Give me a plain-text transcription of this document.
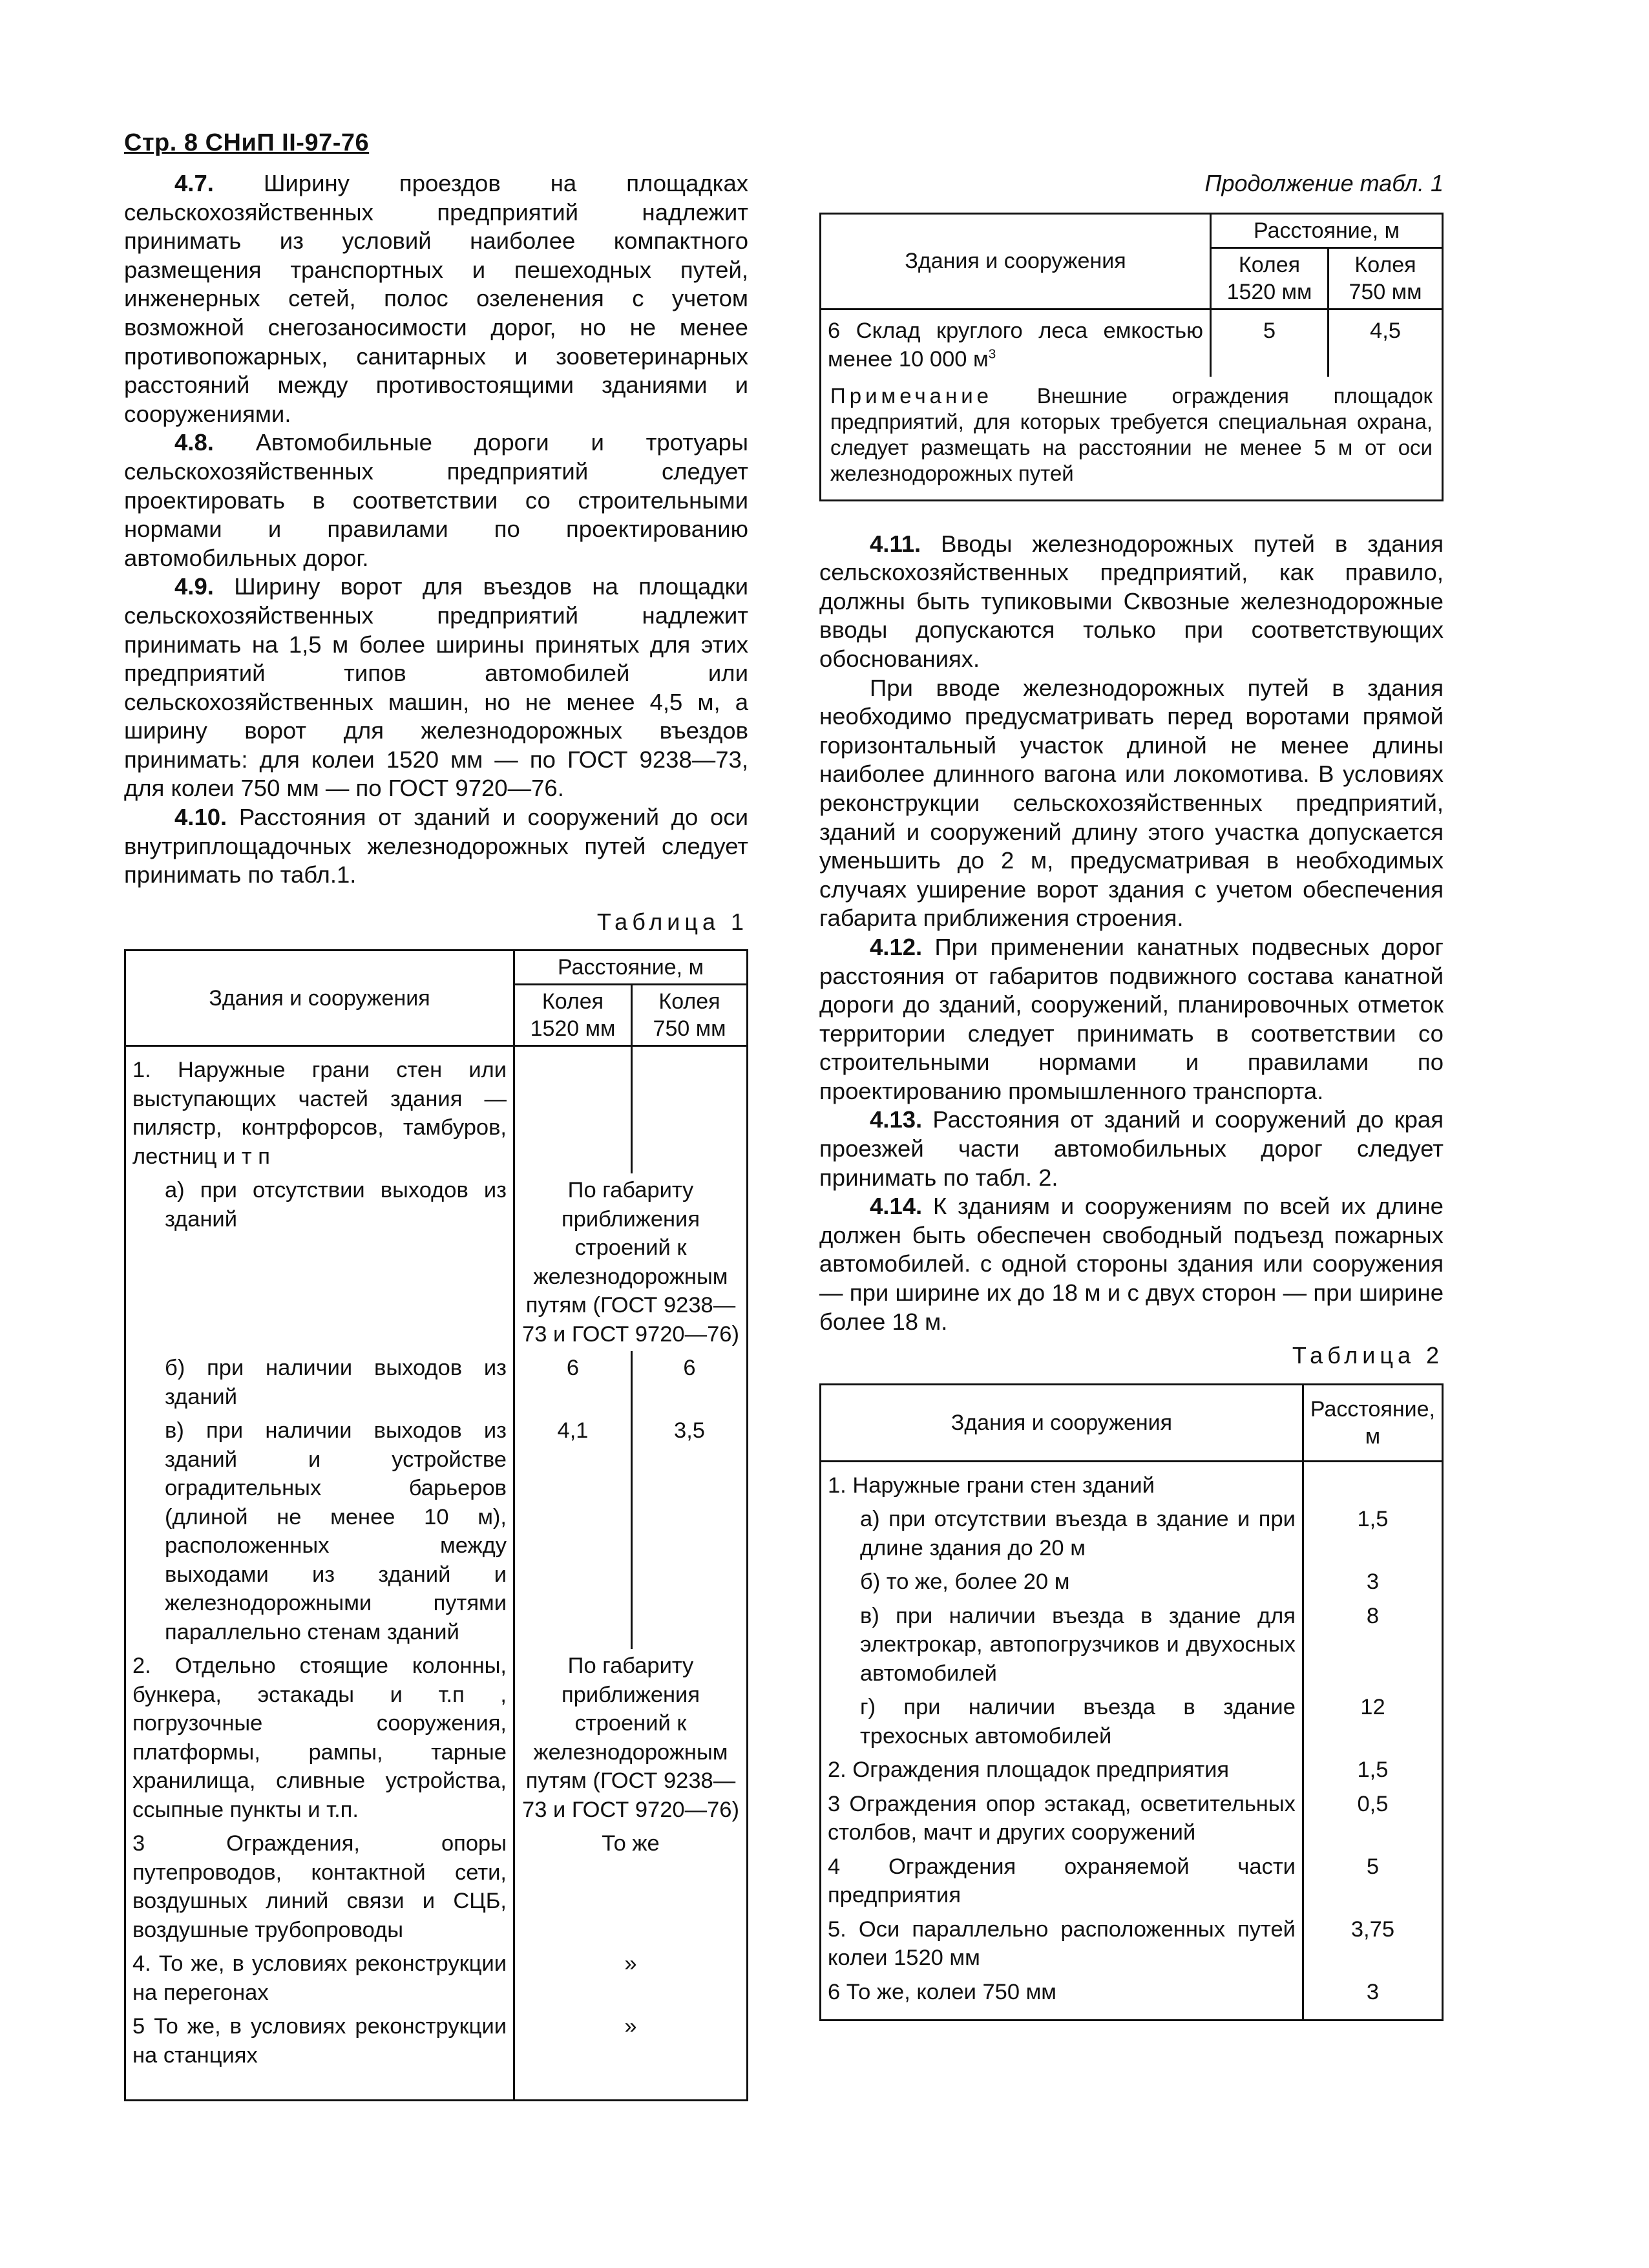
Стр. 8 СНиП II-97-76

4.7. Ширину проездов на площадках сельскохозяйственных предприятий надлежит принимать из условий наиболее компактного размещения транспортных и пешеходных путей, инженерных сетей, полос озеленения с учетом возможной снегозаносимости дорог, но не менее противопожарных, санитарных и зооветеринарных расстояний между противостоящими зданиями и сооружениями.

4.8. Автомобильные дороги и тротуары сельскохозяйственных предприятий следует проектировать в соответствии со строительными нормами и правилами по проектированию автомобильных дорог.

4.9. Ширину ворот для въездов на площадки сельскохозяйственных предприятий надлежит принимать на 1,5 м более ширины принятых для этих предприятий типов автомобилей или сельскохозяйственных машин, но не менее 4,5 м, а ширину ворот для железнодорожных въездов принимать: для колеи 1520 мм — по ГОСТ 9238—73, для колеи 750 мм — по ГОСТ 9720—76.

4.10. Расстояния от зданий и сооружений до оси внутриплощадочных железнодорожных путей следует принимать по табл.1.

Таблица 1
Здания и сооружения	Расстояние, м	
	Колея 1520 мм	Колея 750 мм
1. Наружные грани стен или выступающих частей здания — пилястр, контрфорсов, тамбуров, лестниц и т п		
а) при отсутствии выходов из зданий	По габариту приближения строений к железнодорожным путям (ГОСТ 9238—73 и ГОСТ 9720—76)	
б) при наличии выходов из зданий	6	6
в) при наличии выходов из зданий и устройстве оградительных барьеров (длиной не менее 10 м), расположенных между выходами из зданий и железнодорожными путями параллельно стенам зданий	4,1	3,5
2. Отдельно стоящие колонны, бункера, эстакады и т.п , погрузочные сооружения, платформы, рампы, тарные хранилища, сливные устройства, ссыпные пункты и т.п.	По габариту приближения строений к железнодорожным путям (ГОСТ 9238—73 и ГОСТ 9720—76)	
3 Ограждения, опоры путепроводов, контактной сети, воздушных линий связи и СЦБ, воздушные трубопроводы	То же	
4. То же, в условиях реконструкции на перегонах	»	
5 То же, в условиях реконструкции на станциях	»	
Продолжение табл. 1
Здания и сооружения	Расстояние, м	
	Колея 1520 мм	Колея 750 мм
6 Склад круглого леса емкостью менее 10 000 $м^3$	5	4,5
Примечание Внешние ограждения площадок предприятий, для которых требуется специальная охрана, следует размещать на расстоянии не менее 5 м от оси железнодорожных путей

4.11. Вводы железнодорожных путей в здания сельскохозяйственных предприятий, как правило, должны быть тупиковыми Сквозные железнодорожные вводы допускаются только при соответствующих обоснованиях.

При вводе железнодорожных путей в здания необходимо предусматривать перед воротами прямой горизонтальный участок длиной не менее длины наиболее длинного вагона или локомотива. В условиях реконструкции сельскохозяйственных предприятий, зданий и сооружений длину этого участка допускается уменьшить до 2 м, предусматривая в необходимых случаях уширение ворот здания с учетом обеспечения габарита приближения строения.

4.12. При применении канатных подвесных дорог расстояния от габаритов подвижного состава канатной дороги до зданий, сооружений, планировочных отметок территории следует принимать в соответствии со строительными нормами и правилами по проектированию промышленного транспорта.

4.13. Расстояния от зданий и сооружений до края проезжей части автомобильных дорог следует принимать по табл. 2.

4.14. К зданиям и сооружениям по всей их длине должен быть обеспечен свободный подъезд пожарных автомобилей. с одной стороны здания или сооружения — при ширине их до 18 м и с двух сторон — при ширине более 18 м.

Таблица 2
Здания и сооружения	Расстояние, м
1. Наружные грани стен зданий	
а) при отсутствии въезда в здание и при длине здания до 20 м	1,5
б) то же, более 20 м	3
в) при наличии въезда в здание для электрокар, автопогрузчиков и двухосных автомобилей	8
г) при наличии въезда в здание трехосных автомобилей	12
2. Ограждения площадок предприятия	1,5
3 Ограждения опор эстакад, осветительных столбов, мачт и других сооружений	0,5
4 Ограждения охраняемой части предприятия	5
5. Оси параллельно расположенных путей колеи 1520 мм	3,75
6 То же, колеи 750 мм	3
